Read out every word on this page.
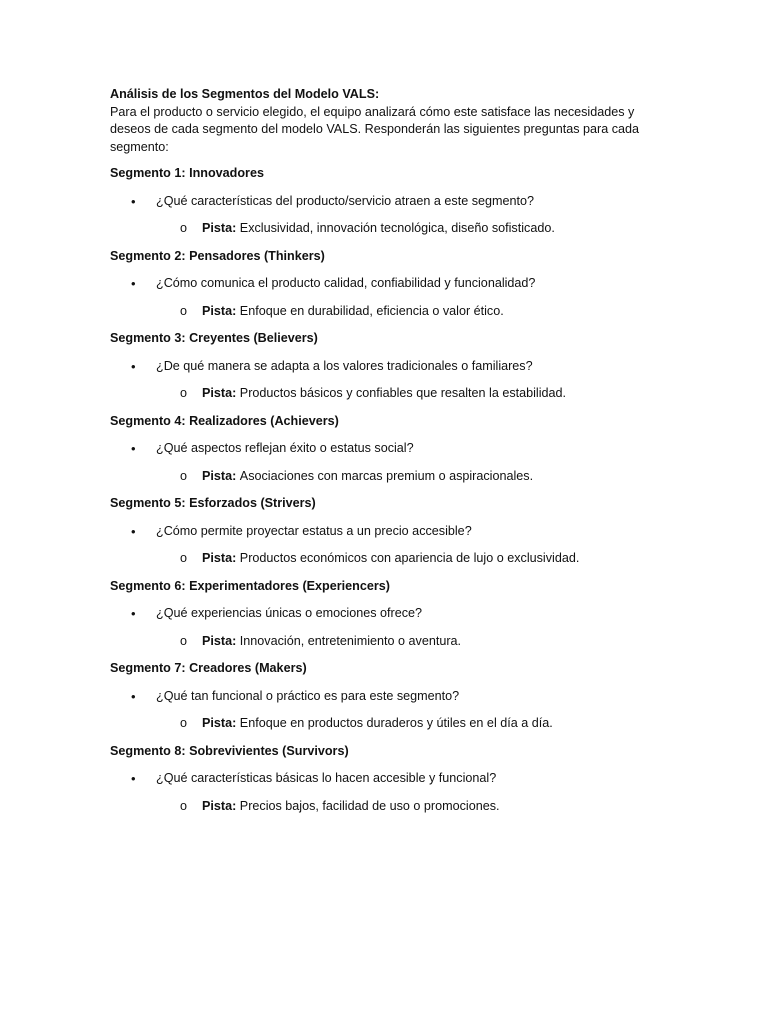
Análisis de los Segmentos del Modelo VALS:

Para el producto o servicio elegido, el equipo analizará cómo este satisface las necesidades y deseos de cada segmento del modelo VALS. Responderán las siguientes preguntas para cada segmento:

Segmento 1: Innovadores

• ¿Qué características del producto/servicio atraen a este segmento?
o Pista: Exclusividad, innovación tecnológica, diseño sofisticado.

Segmento 2: Pensadores (Thinkers)

• ¿Cómo comunica el producto calidad, confiabilidad y funcionalidad?
o Pista: Enfoque en durabilidad, eficiencia o valor ético.

Segmento 3: Creyentes (Believers)

• ¿De qué manera se adapta a los valores tradicionales o familiares?
o Pista: Productos básicos y confiables que resalten la estabilidad.

Segmento 4: Realizadores (Achievers)

• ¿Qué aspectos reflejan éxito o estatus social?
o Pista: Asociaciones con marcas premium o aspiracionales.

Segmento 5: Esforzados (Strivers)

• ¿Cómo permite proyectar estatus a un precio accesible?
o Pista: Productos económicos con apariencia de lujo o exclusividad.

Segmento 6: Experimentadores (Experiencers)

• ¿Qué experiencias únicas o emociones ofrece?
o Pista: Innovación, entretenimiento o aventura.

Segmento 7: Creadores (Makers)

• ¿Qué tan funcional o práctico es para este segmento?
o Pista: Enfoque en productos duraderos y útiles en el día a día.

Segmento 8: Sobrevivientes (Survivors)

• ¿Qué características básicas lo hacen accesible y funcional?
o Pista: Precios bajos, facilidad de uso o promociones.
